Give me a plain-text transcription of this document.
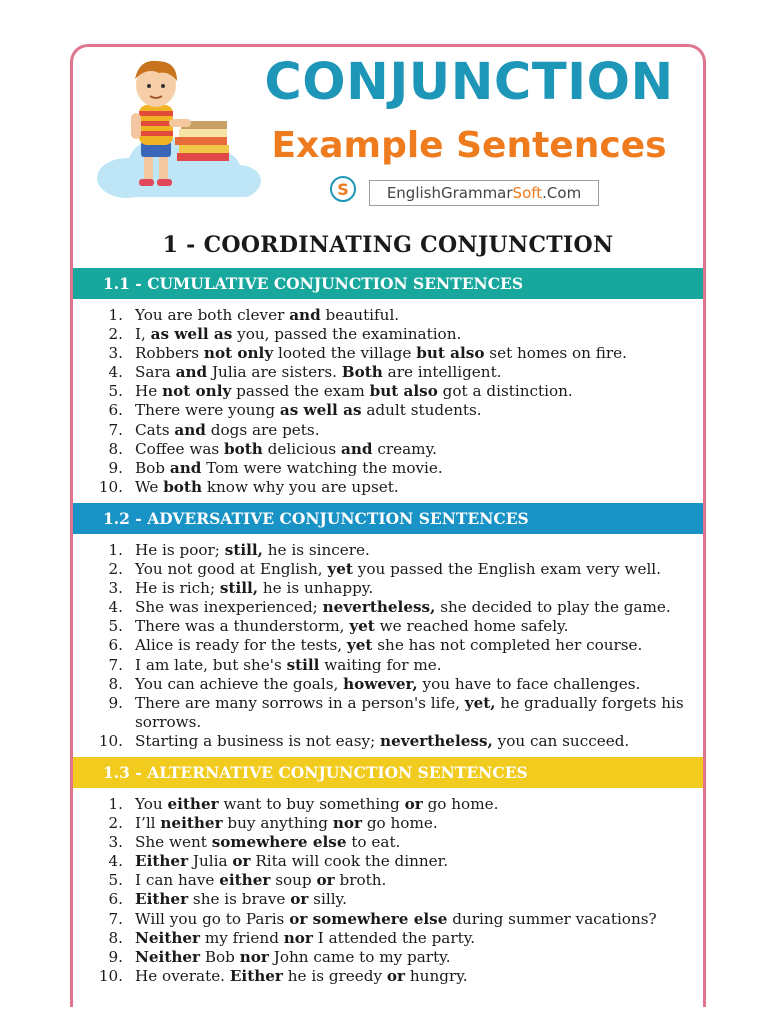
CONJUNCTION
Example Sentences
S	EnglishGrammarSoft.Com
1 - COORDINATING CONJUNCTION
1.1 - CUMULATIVE CONJUNCTION SENTENCES
1. You are both clever and beautiful.
2. I, as well as you, passed the examination.
3. Robbers not only looted the village but also set homes on fire.
4. Sara and Julia are sisters. Both are intelligent.
5. He not only passed the exam but also got a distinction.
6. There were young as well as adult students.
7. Cats and dogs are pets.
8. Coffee was both delicious and creamy.
9. Bob and Tom were watching the movie.
10. We both know why you are upset.
1.2 - ADVERSATIVE CONJUNCTION SENTENCES
1. He is poor; still, he is sincere.
2. You not good at English, yet you passed the English exam very well.
3. He is rich; still, he is unhappy.
4. She was inexperienced; nevertheless, she decided to play the game.
5. There was a thunderstorm, yet we reached home safely.
6. Alice is ready for the tests, yet she has not completed her course.
7. I am late, but she's still waiting for me.
8. You can achieve the goals, however, you have to face challenges.
9. There are many sorrows in a person's life, yet, he gradually forgets his sorrows.
10. Starting a business is not easy; nevertheless, you can succeed.
1.3 - ALTERNATIVE CONJUNCTION SENTENCES
1. You either want to buy something or go home.
2. I’ll neither buy anything nor go home.
3. She went somewhere else to eat.
4. Either Julia or Rita will cook the dinner.
5. I can have either soup or broth.
6. Either she is brave or silly.
7. Will you go to Paris or somewhere else during summer vacations?
8. Neither my friend nor I attended the party.
9. Neither Bob nor John came to my party.
10. He overate. Either he is greedy or hungry.
